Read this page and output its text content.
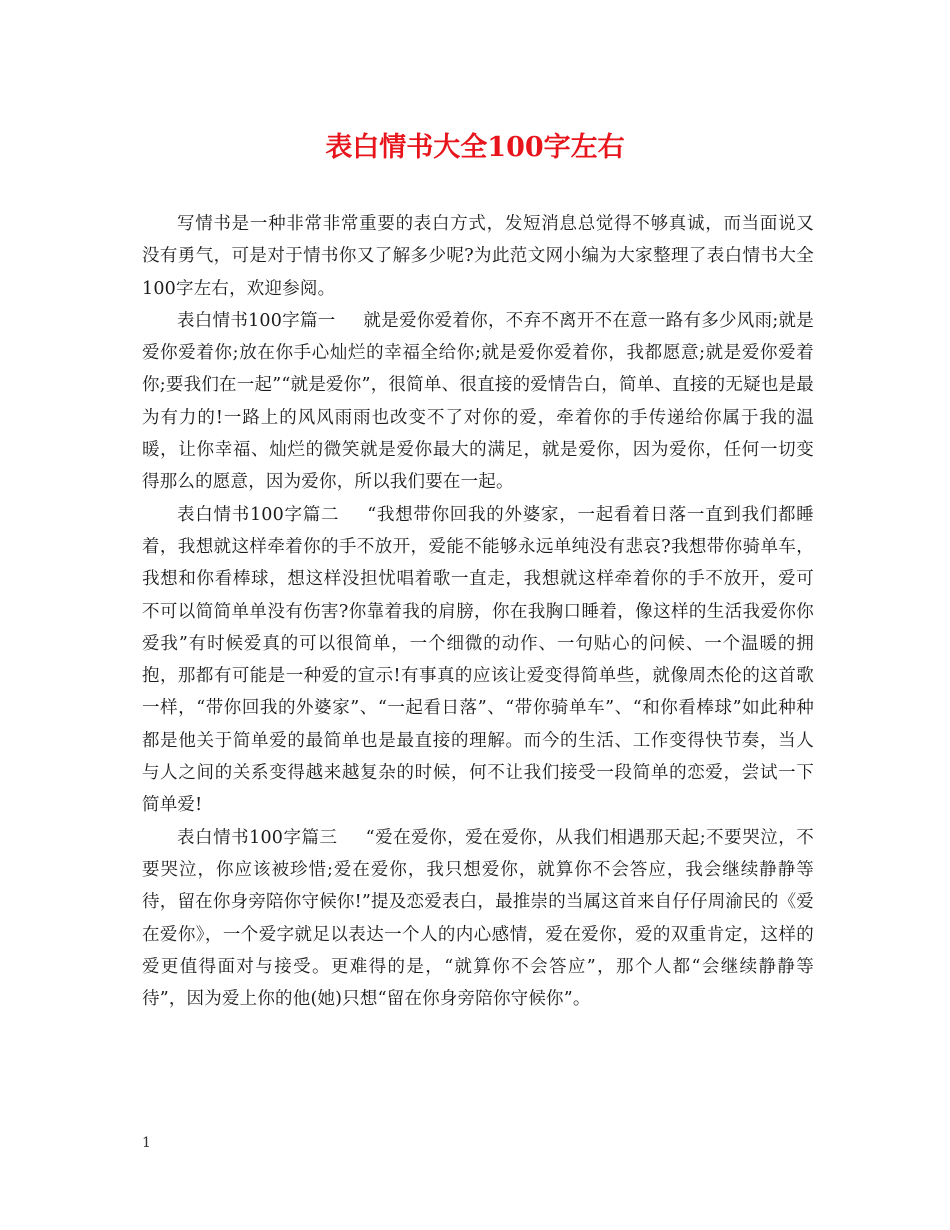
表白情书大全100字左右

写情书是一种非常非常重要的表白方式，发短消息总觉得不够真诚，而当面说又没有勇气，可是对于情书你又了解多少呢?为此范文网小编为大家整理了表白情书大全100字左右，欢迎参阅。

表白情书100字篇一 就是爱你爱着你，不弃不离开不在意一路有多少风雨;就是爱你爱着你;放在你手心灿烂的幸福全给你;就是爱你爱着你，我都愿意;就是爱你爱着你;要我们在一起”“就是爱你”，很简单、很直接的爱情告白，简单、直接的无疑也是最为有力的!一路上的风风雨雨也改变不了对你的爱，牵着你的手传递给你属于我的温暖，让你幸福、灿烂的微笑就是爱你最大的满足，就是爱你，因为爱你，任何一切变得那么的愿意，因为爱你，所以我们要在一起。

表白情书100字篇二 “我想带你回我的外婆家，一起看着日落一直到我们都睡着，我想就这样牵着你的手不放开，爱能不能够永远单纯没有悲哀?我想带你骑单车，我想和你看棒球，想这样没担忧唱着歌一直走，我想就这样牵着你的手不放开，爱可不可以简简单单没有伤害?你靠着我的肩膀，你在我胸口睡着，像这样的生活我爱你你爱我”有时候爱真的可以很简单，一个细微的动作、一句贴心的问候、一个温暖的拥抱，那都有可能是一种爱的宣示!有事真的应该让爱变得简单些，就像周杰伦的这首歌一样，“带你回我的外婆家”、“一起看日落”、“带你骑单车”、“和你看棒球”如此种种都是他关于简单爱的最简单也是最直接的理解。而今的生活、工作变得快节奏，当人与人之间的关系变得越来越复杂的时候，何不让我们接受一段简单的恋爱，尝试一下简单爱!

表白情书100字篇三 “爱在爱你，爱在爱你，从我们相遇那天起;不要哭泣，不要哭泣，你应该被珍惜;爱在爱你，我只想爱你，就算你不会答应，我会继续静静等待，留在你身旁陪你守候你!”提及恋爱表白，最推崇的当属这首来自仔仔周渝民的《爱在爱你》，一个爱字就足以表达一个人的内心感情，爱在爱你，爱的双重肯定，这样的爱更值得面对与接受。更难得的是，“就算你不会答应”，那个人都“会继续静静等待”，因为爱上你的他(她)只想“留在你身旁陪你守候你”。

1
